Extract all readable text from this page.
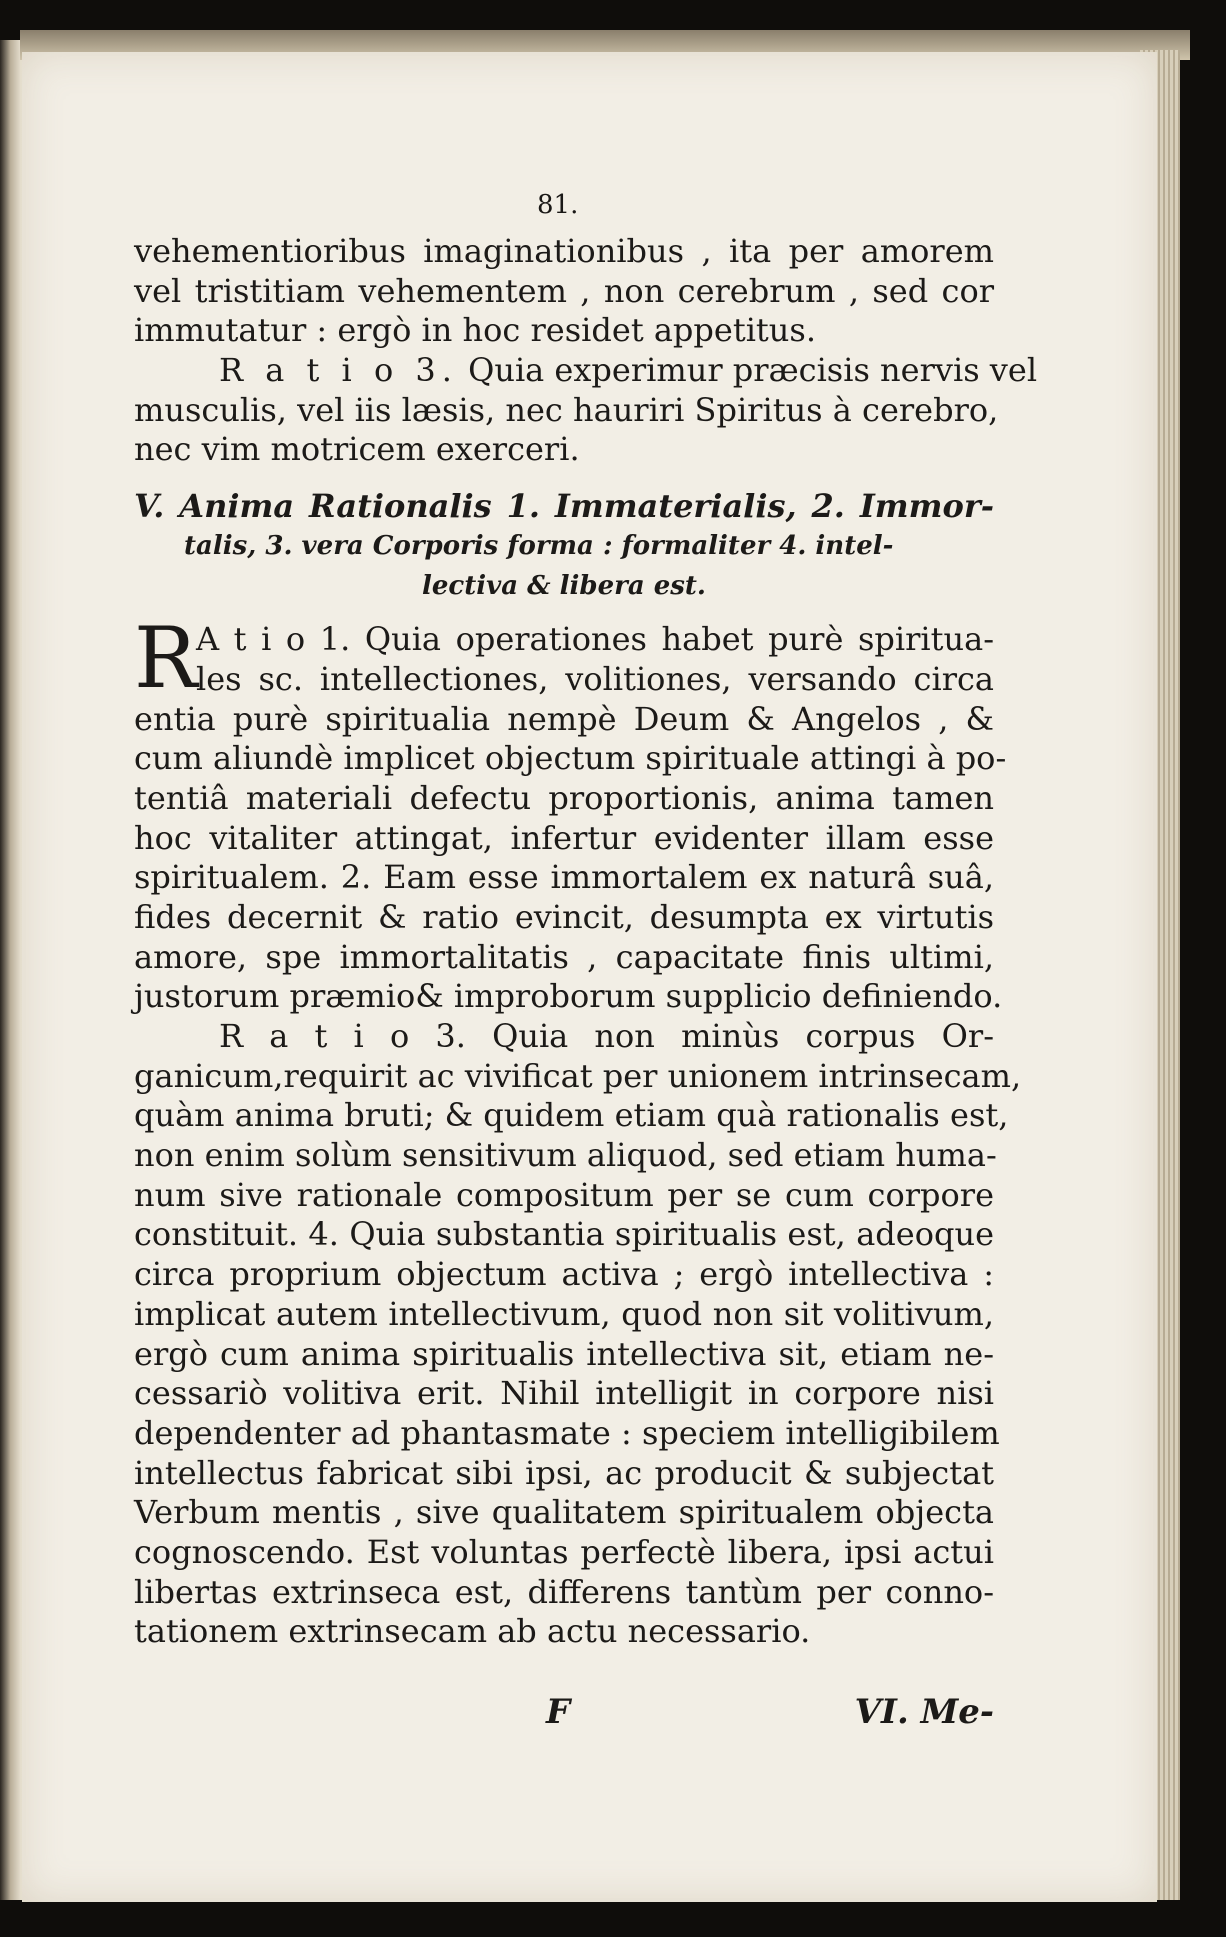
81.
vehementioribus imaginationibus , ita per amorem
vel tristitiam vehementem , non cerebrum , sed cor
immutatur : ergò in hoc residet appetitus.
R a t i o 3. Quia experimur præcisis nervis vel
musculis, vel iis læsis, nec hauriri Spiritus à cerebro,
nec vim motricem exerceri.
V. Anima Rationalis 1. Immaterialis, 2. Immor-
talis, 3. vera Corporis forma : formaliter 4. intel-
lectiva & libera est.
R
A t i o 1. Quia operationes habet purè spiritua-
les sc. intellectiones, volitiones, versando circa
entia purè spiritualia nempè Deum & Angelos , &
cum aliundè implicet objectum spirituale attingi à po-
tentiâ materiali defectu proportionis, anima tamen
hoc vitaliter attingat, infertur evidenter illam esse
spiritualem. 2. Eam esse immortalem ex naturâ suâ,
fides decernit & ratio evincit, desumpta ex virtutis
amore, spe immortalitatis , capacitate finis ultimi,
justorum præmio& improborum supplicio definiendo.
R a t i o 3. Quia non minùs corpus Or-
ganicum,requirit ac vivificat per unionem intrinsecam,
quàm anima bruti; & quidem etiam quà rationalis est,
non enim solùm sensitivum aliquod, sed etiam huma-
num sive rationale compositum per se cum corpore
constituit. 4. Quia substantia spiritualis est, adeoque
circa proprium objectum activa ; ergò intellectiva :
implicat autem intellectivum, quod non sit volitivum,
ergò cum anima spiritualis intellectiva sit, etiam ne-
cessariò volitiva erit. Nihil intelligit in corpore nisi
dependenter ad phantasmate : speciem intelligibilem
intellectus fabricat sibi ipsi, ac producit & subjectat
Verbum mentis , sive qualitatem spiritualem objecta
cognoscendo. Est voluntas perfectè libera, ipsi actui
libertas extrinseca est, differens tantùm per conno-
tationem extrinsecam ab actu necessario.
F	VI. Me-
